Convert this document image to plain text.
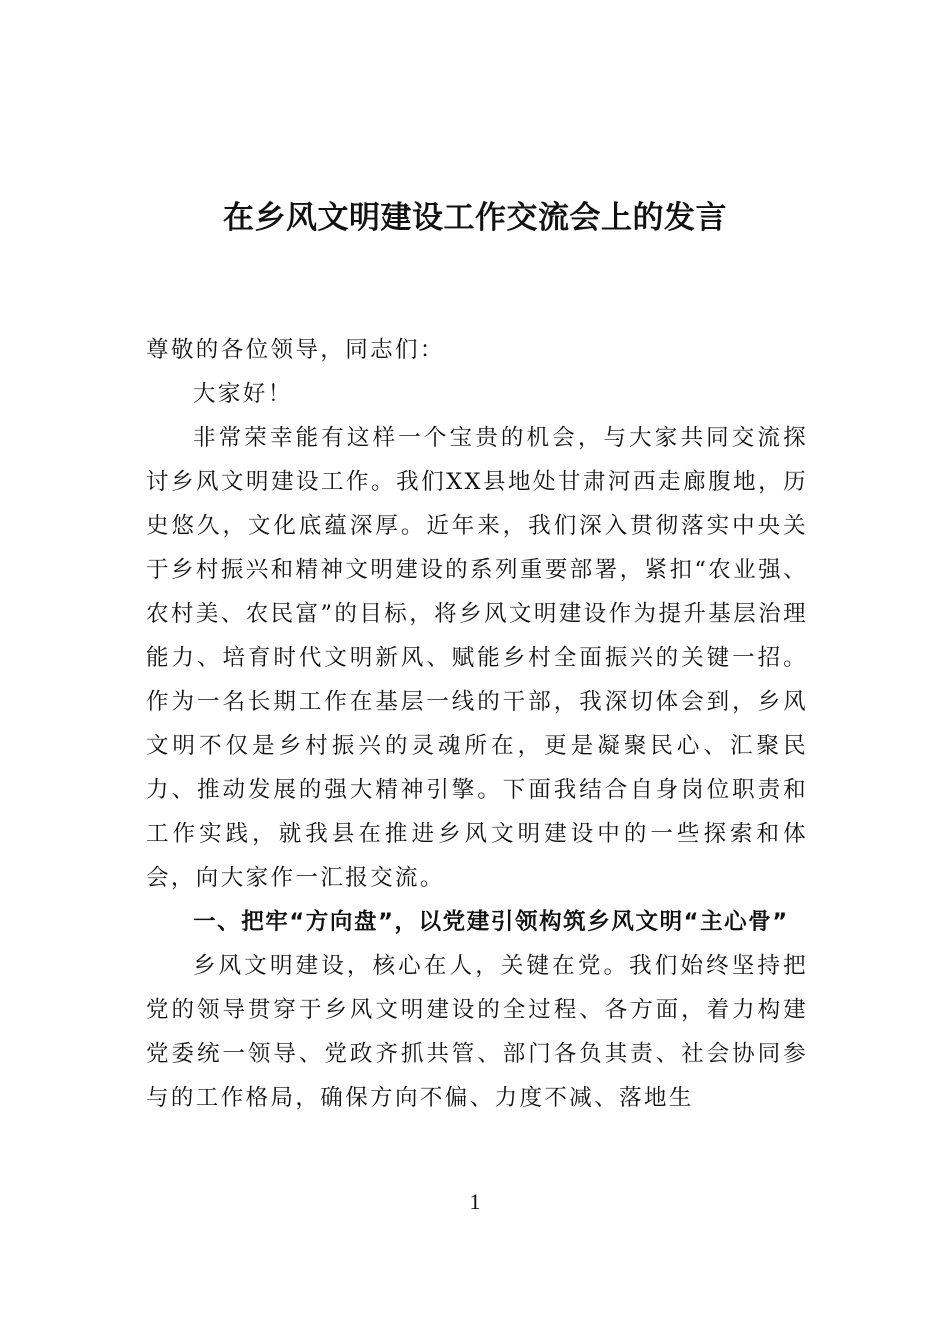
在乡风文明建设工作交流会上的发言

尊敬的各位领导，同志们：

大家好！

非常荣幸能有这样一个宝贵的机会，与大家共同交流探讨乡风文明建设工作。我们XX县地处甘肃河西走廊腹地，历史悠久，文化底蕴深厚。近年来，我们深入贯彻落实中央关于乡村振兴和精神文明建设的系列重要部署，紧扣“农业强、农村美、农民富”的目标，将乡风文明建设作为提升基层治理能力、培育时代文明新风、赋能乡村全面振兴的关键一招。作为一名长期工作在基层一线的干部，我深切体会到，乡风文明不仅是乡村振兴的灵魂所在，更是凝聚民心、汇聚民力、推动发展的强大精神引擎。下面我结合自身岗位职责和工作实践，就我县在推进乡风文明建设中的一些探索和体会，向大家作一汇报交流。

一、把牢“方向盘”，以党建引领构筑乡风文明“主心骨”

乡风文明建设，核心在人，关键在党。我们始终坚持把党的领导贯穿于乡风文明建设的全过程、各方面，着力构建党委统一领导、党政齐抓共管、部门各负其责、社会协同参与的工作格局，确保方向不偏、力度不减、落地生

1
